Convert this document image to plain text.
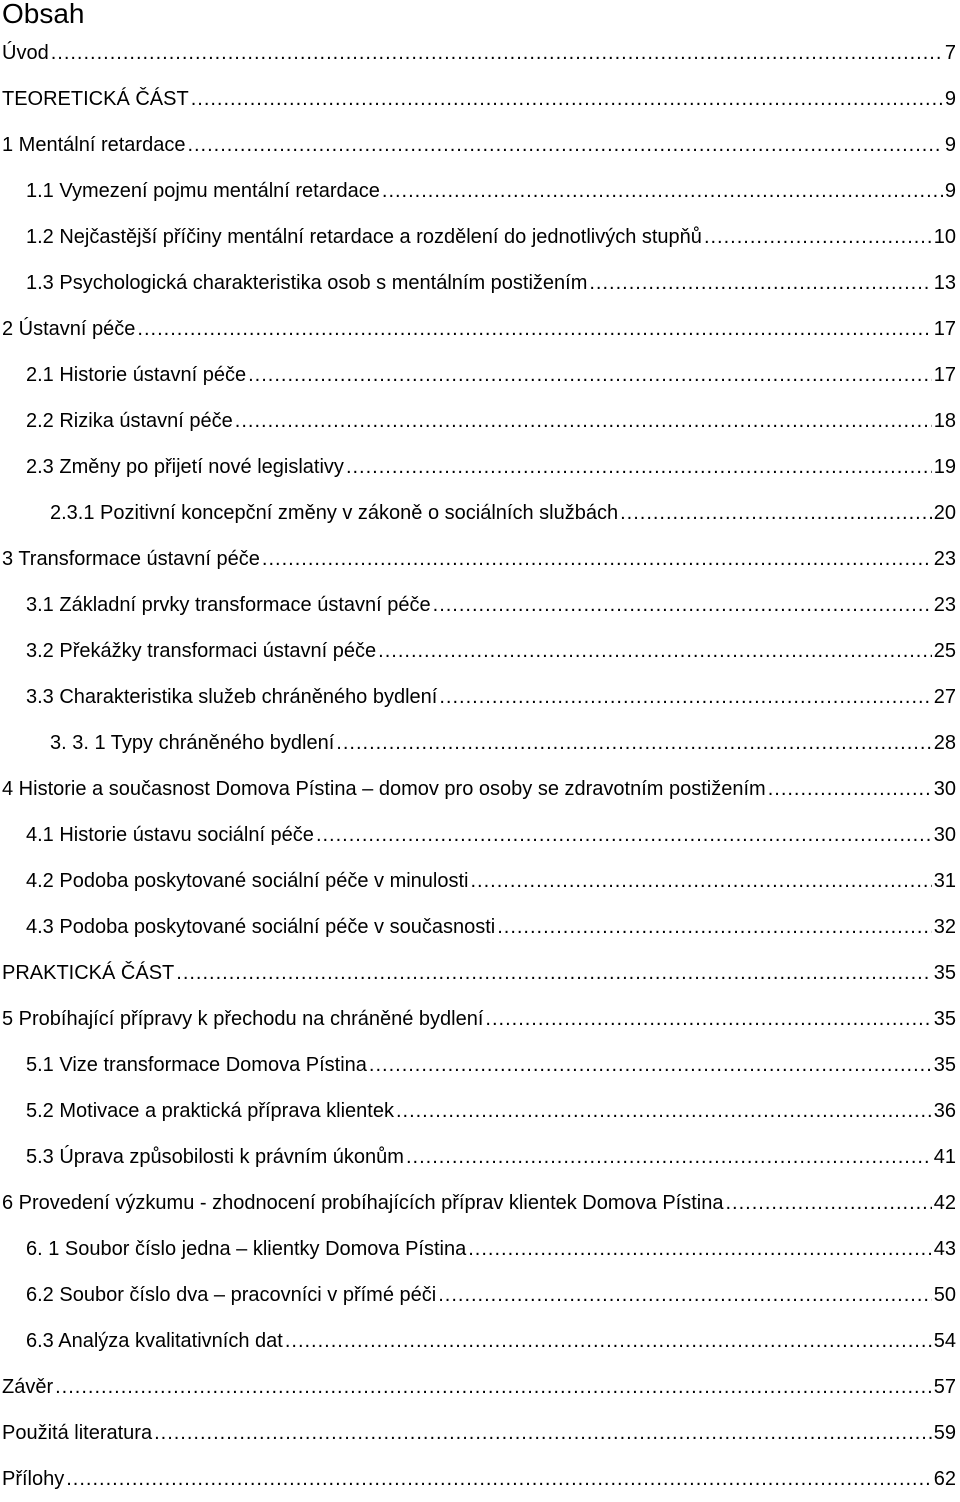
Obsah
Úvod .....	7
TEORETICKÁ ČÁST .....	9
1 Mentální retardace .....	9
1.1 Vymezení pojmu mentální retardace .....	9
1.2 Nejčastější příčiny mentální retardace a rozdělení do jednotlivých stupňů .....	10
1.3 Psychologická charakteristika osob s mentálním postižením .....	13
2 Ústavní péče .....	17
2.1 Historie ústavní péče .....	17
2.2 Rizika ústavní péče .....	18
2.3 Změny po přijetí nové legislativy .....	19
2.3.1 Pozitivní koncepční změny v zákoně o sociálních službách .....	20
3 Transformace ústavní péče .....	23
3.1 Základní prvky transformace ústavní péče .....	23
3.2 Překážky transformaci ústavní péče .....	25
3.3 Charakteristika služeb chráněného bydlení .....	27
3. 3. 1 Typy chráněného bydlení .....	28
4 Historie a současnost Domova Pístina – domov pro osoby se zdravotním postižením .....	30
4.1 Historie ústavu sociální péče .....	30
4.2 Podoba poskytované sociální péče v minulosti .....	31
4.3 Podoba poskytované sociální péče v současnosti .....	32
PRAKTICKÁ ČÁST .....	35
5 Probíhající přípravy k přechodu na chráněné bydlení .....	35
5.1 Vize transformace Domova Pístina .....	35
5.2 Motivace a praktická příprava klientek .....	36
5.3 Úprava způsobilosti k právním úkonům .....	41
6 Provedení výzkumu - zhodnocení probíhajících příprav klientek Domova Pístina .....	42
6. 1 Soubor číslo jedna – klientky Domova Pístina .....	43
6.2 Soubor číslo dva – pracovníci v přímé péči .....	50
6.3 Analýza kvalitativních dat .....	54
Závěr .....	57
Použitá literatura .....	59
Přílohy .....	62
